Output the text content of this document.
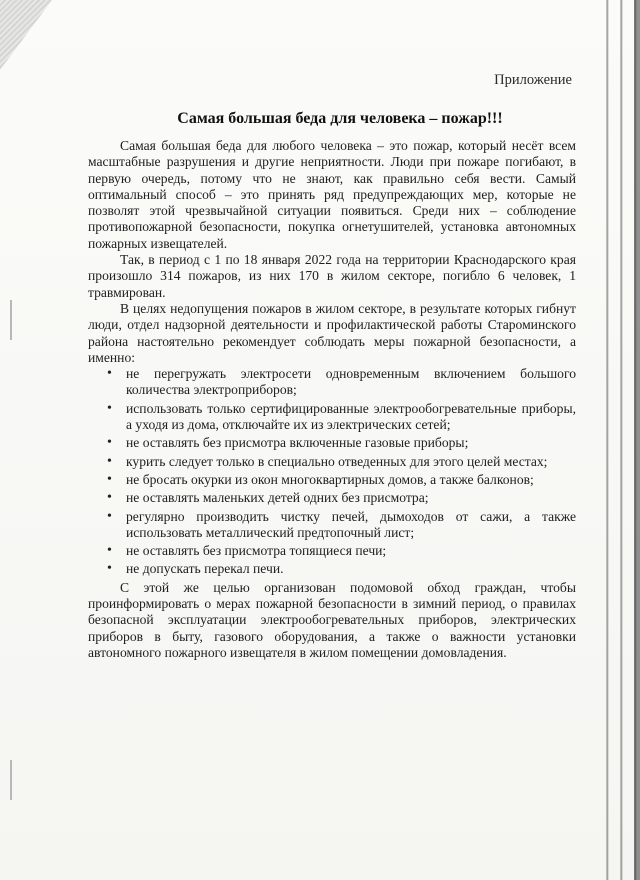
Приложение
Самая большая беда для человека – пожар!!!

Самая большая беда для любого человека – это пожар, который несёт всем масштабные разрушения и другие неприятности. Люди при пожаре погибают, в первую очередь, потому что не знают, как правильно себя вести. Самый оптимальный способ – это принять ряд предупреждающих мер, которые не позволят этой чрезвычайной ситуации появиться. Среди них – соблюдение противопожарной безопасности, покупка огнетушителей, установка автономных пожарных извещателей.

Так, в период с 1 по 18 января 2022 года на территории Краснодарского края произошло 314 пожаров, из них 170 в жилом секторе, погибло 6 человек, 1 травмирован.

В целях недопущения пожаров в жилом секторе, в результате которых гибнут люди, отдел надзорной деятельности и профилактической работы Староминского района настоятельно рекомендует соблюдать меры пожарной безопасности, а именно:

• не перегружать электросети одновременным включением большого количества электроприборов;
• использовать только сертифицированные электрообогревательные приборы, а уходя из дома, отключайте их из электрических сетей;
• не оставлять без присмотра включенные газовые приборы;
• курить следует только в специально отведенных для этого целей местах;
• не бросать окурки из окон многоквартирных домов, а также балконов;
• не оставлять маленьких детей одних без присмотра;
• регулярно производить чистку печей, дымоходов от сажи, а также использовать металлический предтопочный лист;
• не оставлять без присмотра топящиеся печи;
• не допускать перекал печи.

С этой же целью организован подомовой обход граждан, чтобы проинформировать о мерах пожарной безопасности в зимний период, о правилах безопасной эксплуатации электрообогревательных приборов, электрических приборов в быту, газового оборудования, а также о важности установки автономного пожарного извещателя в жилом помещении домовладения.
